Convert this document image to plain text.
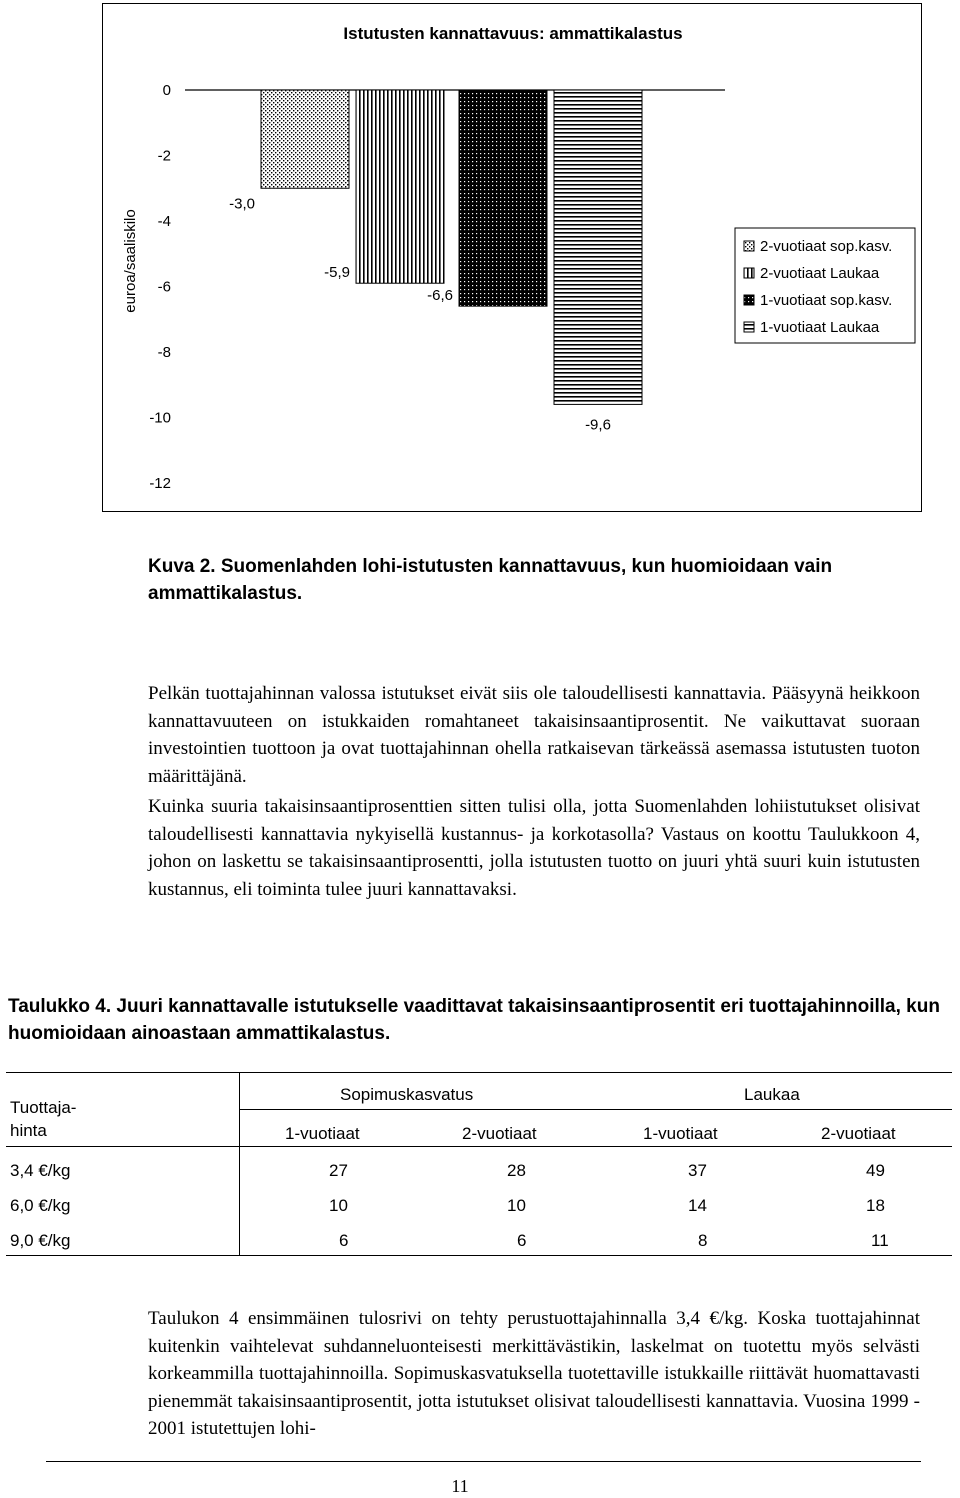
Istutusten kannattavuus: ammattikalastus
euroa/saaliskilo
0
-2
-4
-6
-8
-10
-12
-3,0
-5,9
-6,6
-9,6
2-vuotiaat sop.kasv.
2-vuotiaat Laukaa
1-vuotiaat sop.kasv.
1-vuotiaat Laukaa
Kuva 2. Suomenlahden lohi-istutusten kannattavuus, kun huomioidaan vain ammattikalastus.
Pelkän tuottajahinnan valossa istutukset eivät siis ole taloudellisesti kannattavia. Pääsyynä heikkoon kannattavuuteen on istukkaiden romahtaneet takaisinsaantiprosentit. Ne vaikuttavat suoraan investointien tuottoon ja ovat tuottajahinnan ohella ratkaisevan tärkeässä asemassa istutusten tuoton määrittäjänä.
Kuinka suuria takaisinsaantiprosenttien sitten tulisi olla, jotta Suomenlahden lohiistutukset olisivat taloudellisesti kannattavia nykyisellä kustannus- ja korkotasolla? Vastaus on koottu Taulukkoon 4, johon on laskettu se takaisinsaantiprosentti, jolla istutusten tuotto on juuri yhtä suuri kuin istutusten kustannus, eli toiminta tulee juuri kannattavaksi.
Taulukko 4. Juuri kannattavalle istutukselle vaadittavat takaisinsaantiprosentit eri tuottajahinnoilla, kun huomioidaan ainoastaan ammattikalastus.
Tuottaja-
hinta
Sopimuskasvatus	Laukaa
1-vuotiaat	2-vuotiaat	1-vuotiaat	2-vuotiaat
3,4 €/kg	27	28	37	49
6,0 €/kg	10	10	14	18
9,0 €/kg	6	6	8	11
Taulukon 4 ensimmäinen tulosrivi on tehty perustuottajahinnalla 3,4 €/kg. Koska tuottajahinnat kuitenkin vaihtelevat suhdanneluonteisesti merkittävästikin, laskelmat on tuotettu myös selvästi korkeammilla tuottajahinnoilla. Sopimuskasvatuksella tuotettaville istukkaille riittävät huomattavasti pienemmät takaisinsaantiprosentit, jotta istutukset olisivat taloudellisesti kannattavia. Vuosina 1999 - 2001 istutettujen lohi-
11
